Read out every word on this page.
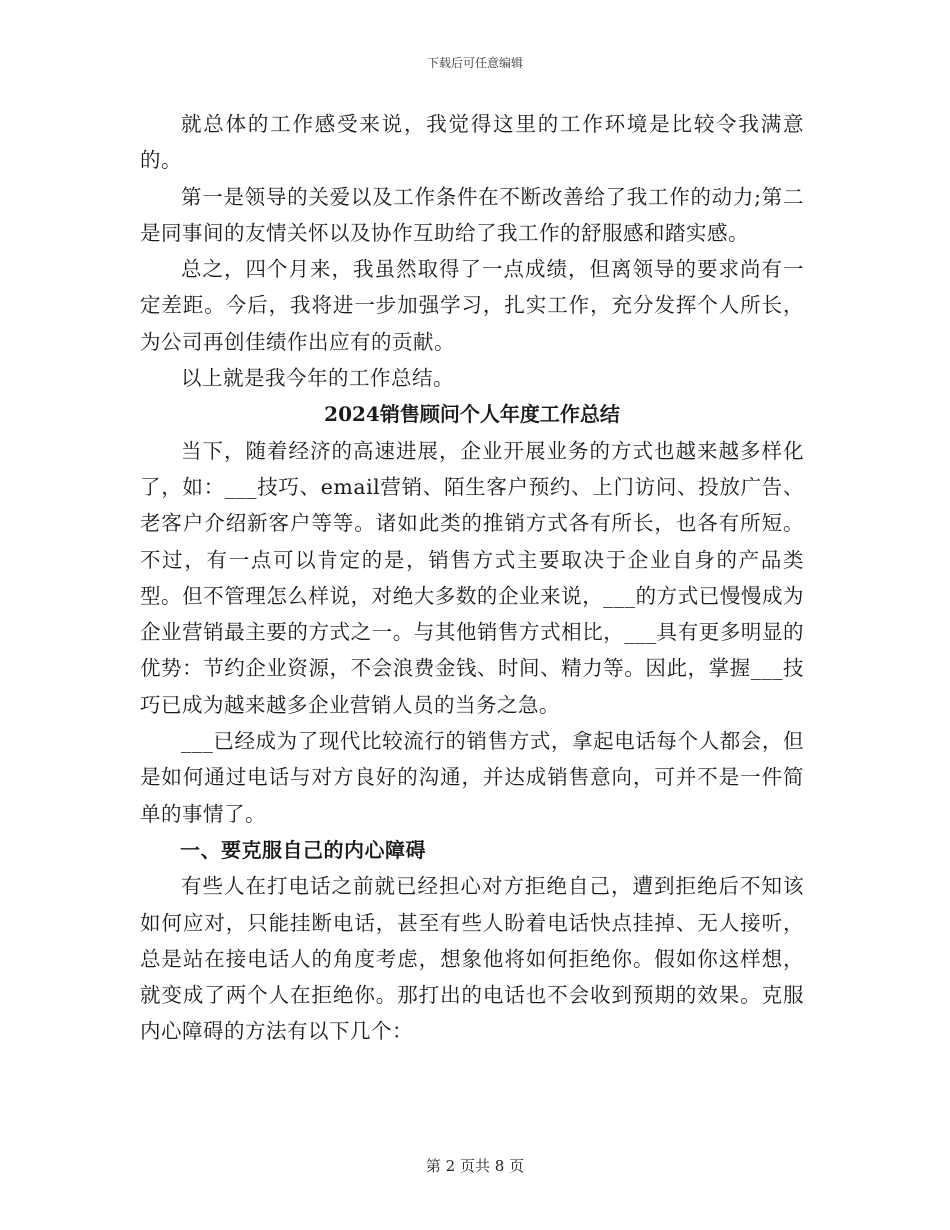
下载后可任意编辑

就总体的工作感受来说，我觉得这里的工作环境是比较令我满意的。

第一是领导的关爱以及工作条件在不断改善给了我工作的动力;第二是同事间的友情关怀以及协作互助给了我工作的舒服感和踏实感。

总之，四个月来，我虽然取得了一点成绩，但离领导的要求尚有一定差距。今后，我将进一步加强学习，扎实工作，充分发挥个人所长，为公司再创佳绩作出应有的贡献。

以上就是我今年的工作总结。

2024销售顾问个人年度工作总结

当下，随着经济的高速进展，企业开展业务的方式也越来越多样化了，如：___技巧、email营销、陌生客户预约、上门访问、投放广告、老客户介绍新客户等等。诸如此类的推销方式各有所长，也各有所短。不过，有一点可以肯定的是，销售方式主要取决于企业自身的产品类型。但不管理怎么样说，对绝大多数的企业来说，___的方式已慢慢成为企业营销最主要的方式之一。与其他销售方式相比，___具有更多明显的优势：节约企业资源，不会浪费金钱、时间、精力等。因此，掌握___技巧已成为越来越多企业营销人员的当务之急。

___已经成为了现代比较流行的销售方式，拿起电话每个人都会，但是如何通过电话与对方良好的沟通，并达成销售意向，可并不是一件简单的事情了。

一、要克服自己的内心障碍

有些人在打电话之前就已经担心对方拒绝自己，遭到拒绝后不知该如何应对，只能挂断电话，甚至有些人盼着电话快点挂掉、无人接听，总是站在接电话人的角度考虑，想象他将如何拒绝你。假如你这样想，就变成了两个人在拒绝你。那打出的电话也不会收到预期的效果。克服内心障碍的方法有以下几个：

第 2 页共 8 页
